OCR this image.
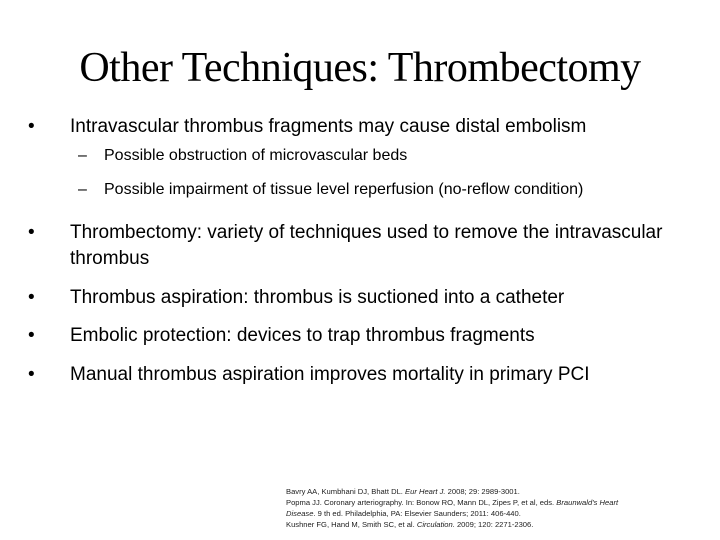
Other Techniques: Thrombectomy
•	Intravascular thrombus fragments may cause distal embolism
–	Possible obstruction of microvascular beds
–	Possible impairment of tissue level reperfusion (no-reflow condition)
•	Thrombectomy: variety of techniques used to remove the intravascular thrombus
•	Thrombus aspiration: thrombus is suctioned into a catheter
•	Embolic protection: devices to trap thrombus fragments
•	Manual thrombus aspiration improves mortality in primary PCI
Bavry AA, Kumbhani DJ, Bhatt DL. Eur Heart J. 2008; 29: 2989-3001.
Popma JJ. Coronary arteriography. In: Bonow RO, Mann DL, Zipes P, et al, eds. Braunwald's Heart
Disease. 9 th ed. Philadelphia, PA: Elsevier Saunders; 2011: 406-440.
Kushner FG, Hand M, Smith SC, et al. Circulation. 2009; 120: 2271-2306.
